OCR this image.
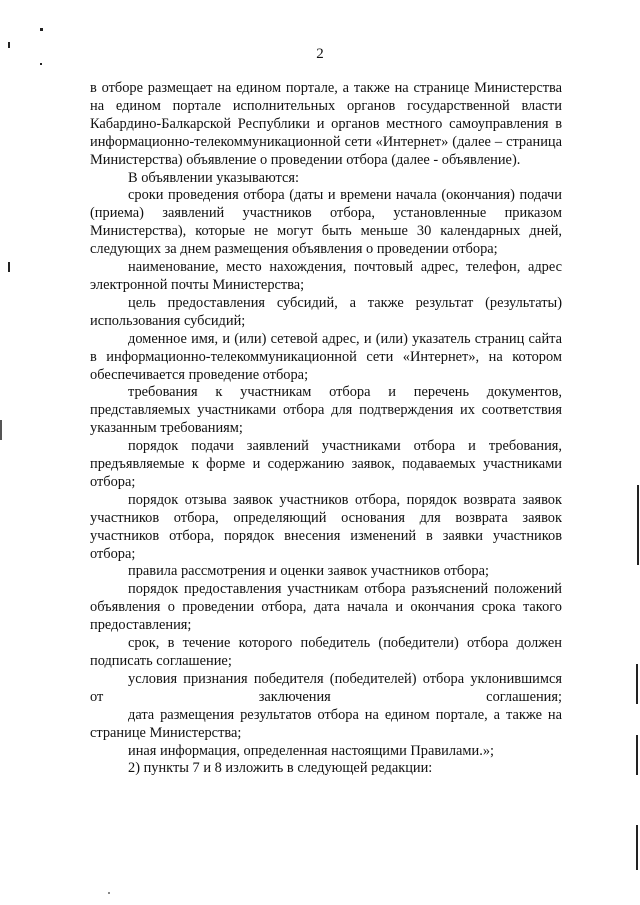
2

в отборе размещает на едином портале, а также на странице Министерства на едином портале исполнительных органов государственной власти Кабардино-Балкарской Республики и органов местного самоуправления в информационно-телекоммуникационной сети «Интернет» (далее – страница Министерства) объявление о проведении отбора (далее - объявление).

В объявлении указываются:

сроки проведения отбора (даты и времени начала (окончания) подачи (приема) заявлений участников отбора, установленные приказом Министерства), которые не могут быть меньше 30 календарных дней, следующих за днем размещения объявления о проведении отбора;

наименование, место нахождения, почтовый адрес, телефон, адрес электронной почты Министерства;

цель предоставления субсидий, а также результат (результаты) использования субсидий;

доменное имя, и (или) сетевой адрес, и (или) указатель страниц сайта в информационно-телекоммуникационной сети «Интернет», на котором обеспечивается проведение отбора;

требования к участникам отбора и перечень документов, представляемых участниками отбора для подтверждения их соответствия указанным требованиям;

порядок подачи заявлений участниками отбора и требования, предъявляемые к форме и содержанию заявок, подаваемых участниками отбора;

порядок отзыва заявок участников отбора, порядок возврата заявок участников отбора, определяющий основания для возврата заявок участников отбора, порядок внесения изменений в заявки участников отбора;

правила рассмотрения и оценки заявок участников отбора;

порядок предоставления участникам отбора разъяснений положений объявления о проведении отбора, дата начала и окончания срока такого предоставления;

срок, в течение которого победитель (победители) отбора должен подписать соглашение;

условия признания победителя (победителей) отбора уклонившимся от заключения соглашения;

дата размещения результатов отбора на едином портале, а также на странице Министерства;

иная информация, определенная настоящими Правилами.»;

2) пункты 7 и 8 изложить в следующей редакции:
